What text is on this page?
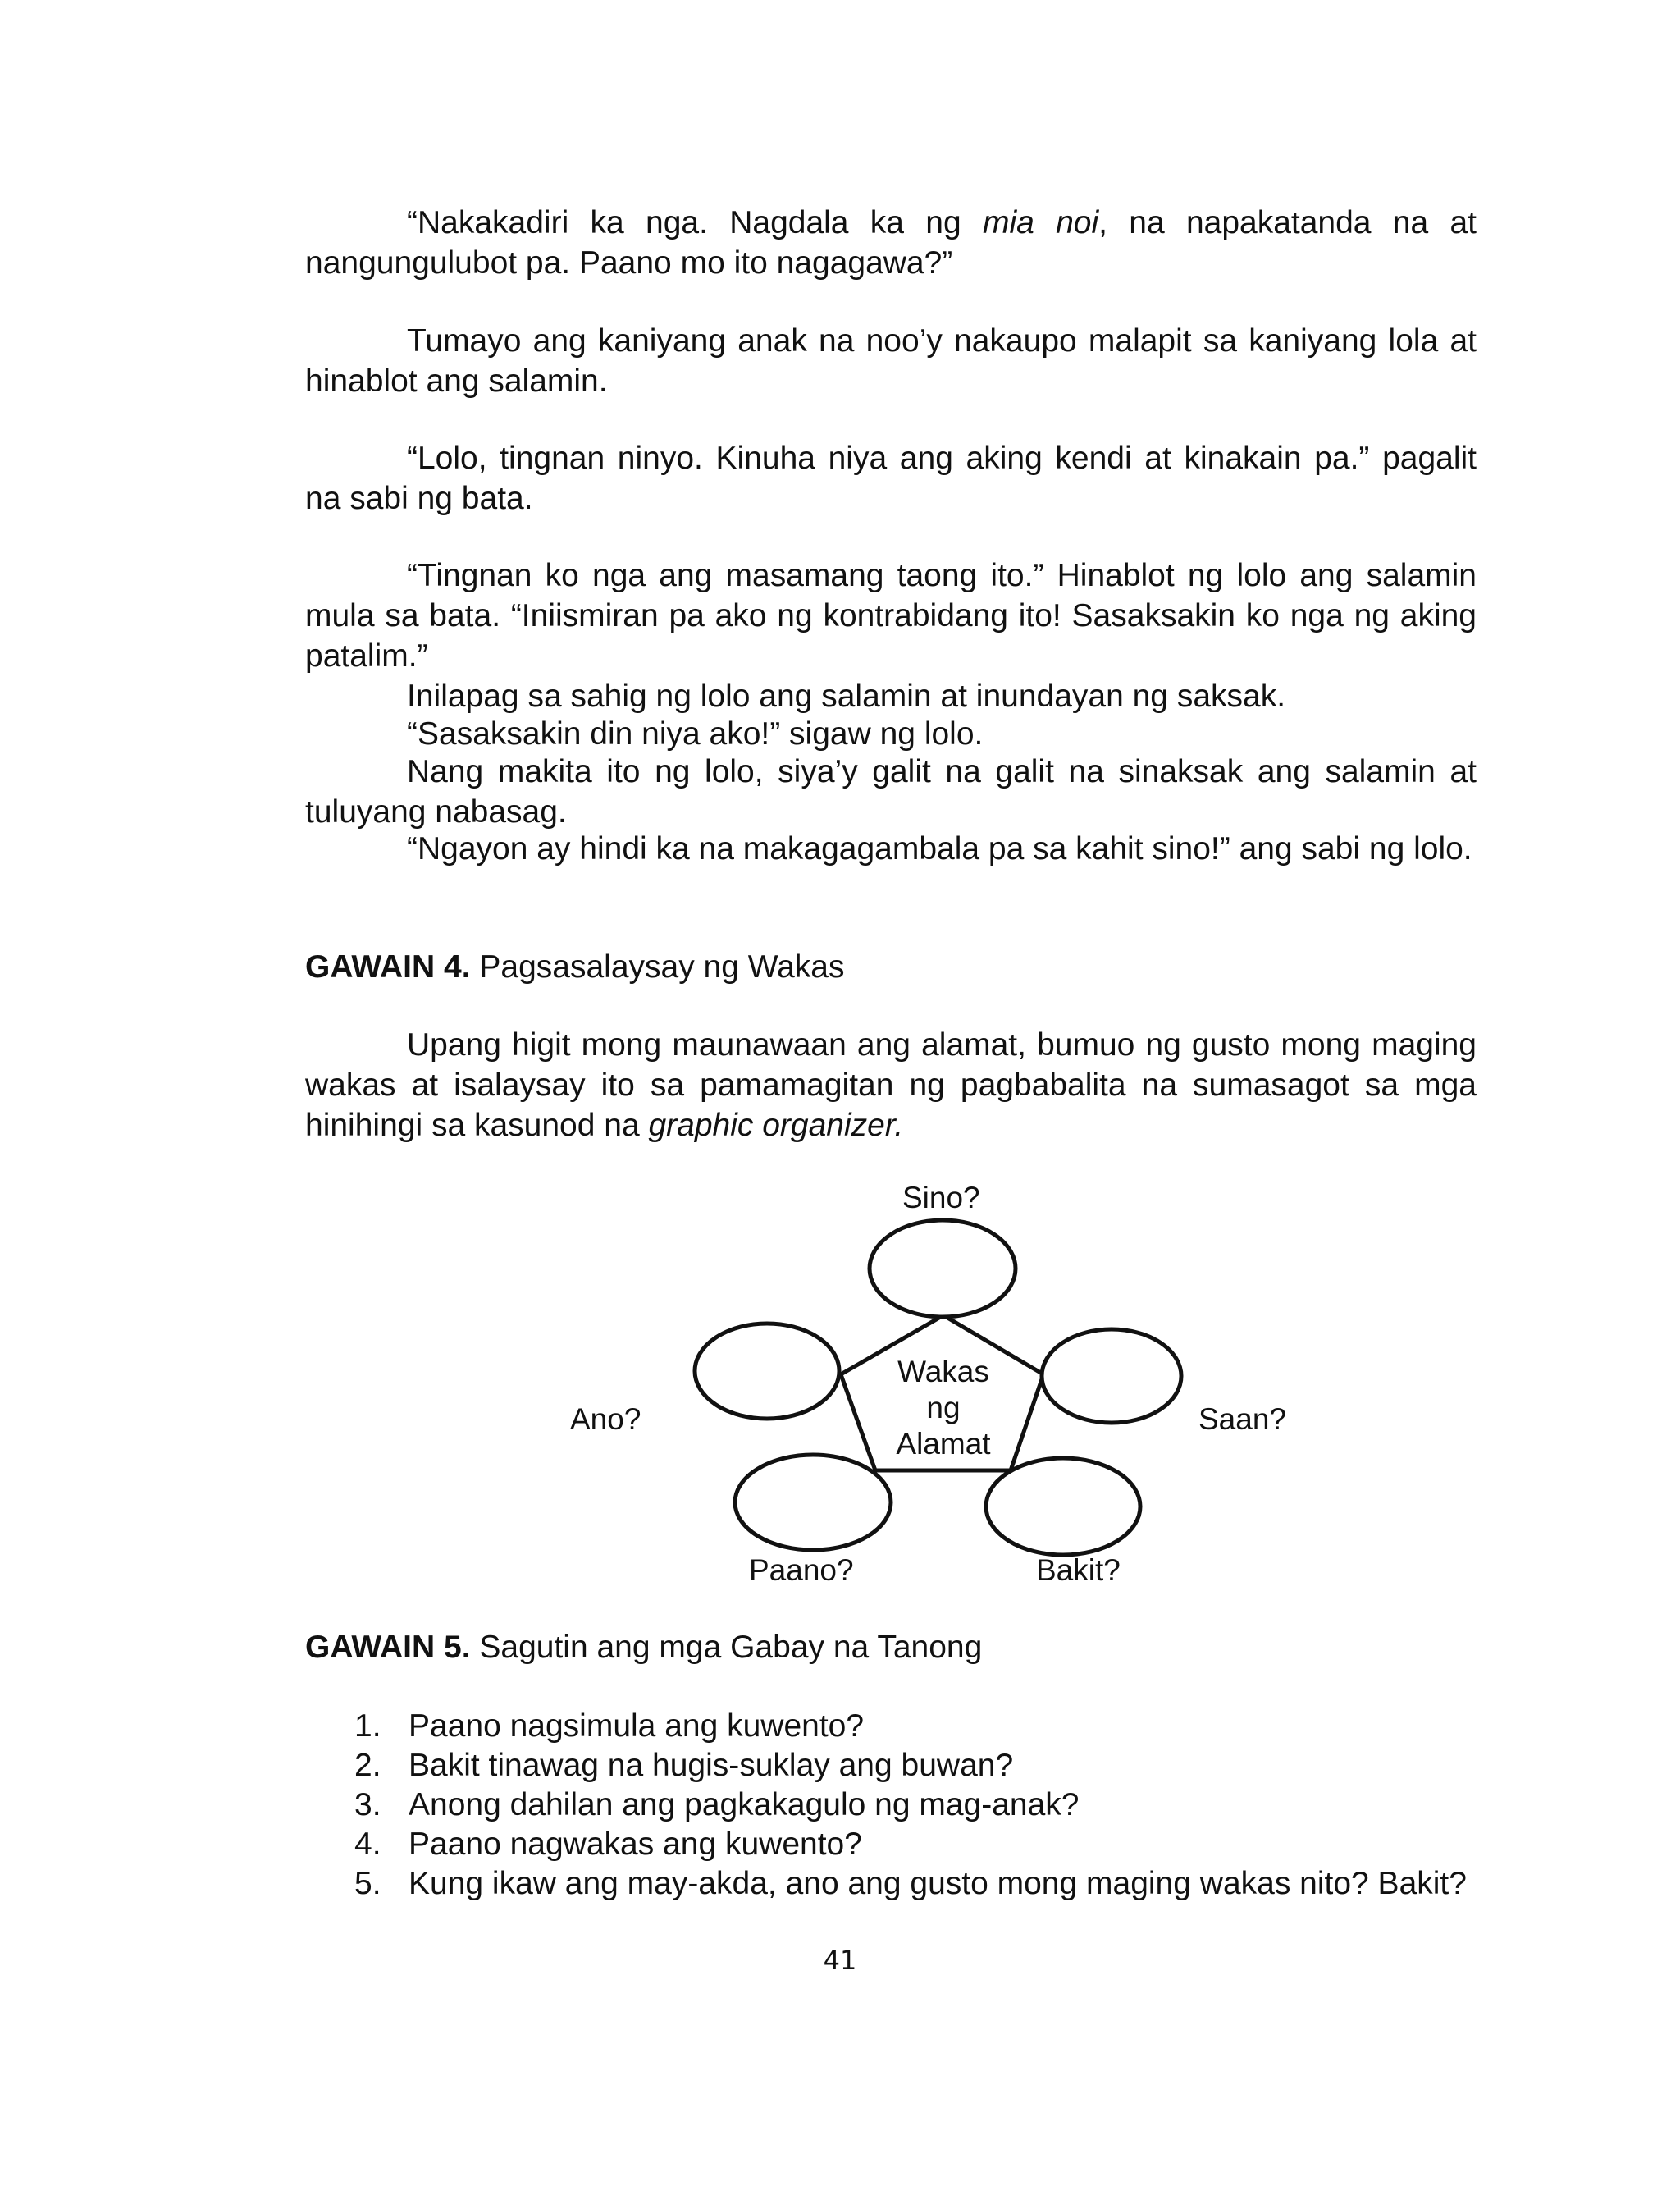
“Nakakadiri ka nga. Nagdala ka ng mia noi, na napakatanda na at nangungulubot pa. Paano mo ito nagagawa?”

Tumayo ang kaniyang anak na noo’y nakaupo malapit sa kaniyang lola at hinablot ang salamin.

“Lolo, tingnan ninyo. Kinuha niya ang aking kendi at kinakain pa.” pagalit na sabi ng bata.

“Tingnan ko nga ang masamang taong ito.” Hinablot ng lolo ang salamin mula sa bata. “Iniismiran pa ako ng kontrabidang ito! Sasaksakin ko nga ng aking patalim.”

Inilapag sa sahig ng lolo ang salamin at inundayan ng saksak.

“Sasaksakin din niya ako!” sigaw ng lolo.

Nang makita ito ng lolo, siya’y galit na galit na sinaksak ang salamin at tuluyang nabasag.

“Ngayon ay hindi ka na makagagambala pa sa kahit sino!” ang sabi ng lolo.

GAWAIN 4. Pagsasalaysay ng Wakas

Upang higit mong maunawaan ang alamat, bumuo ng gusto mong maging wakas at isalaysay ito sa pamamagitan ng pagbabalita na sumasagot sa mga hinihingi sa kasunod na graphic organizer.

Wakas
ng
Alamat
Sino?
Ano?	Saan?
Paano?	Bakit?

GAWAIN 5. Sagutin ang mga Gabay na Tanong

1. Paano nagsimula ang kuwento?
2. Bakit tinawag na hugis-suklay ang buwan?
3. Anong dahilan ang pagkakagulo ng mag-anak?
4. Paano nagwakas ang kuwento?
5. Kung ikaw ang may-akda, ano ang gusto mong maging wakas nito? Bakit?
41
